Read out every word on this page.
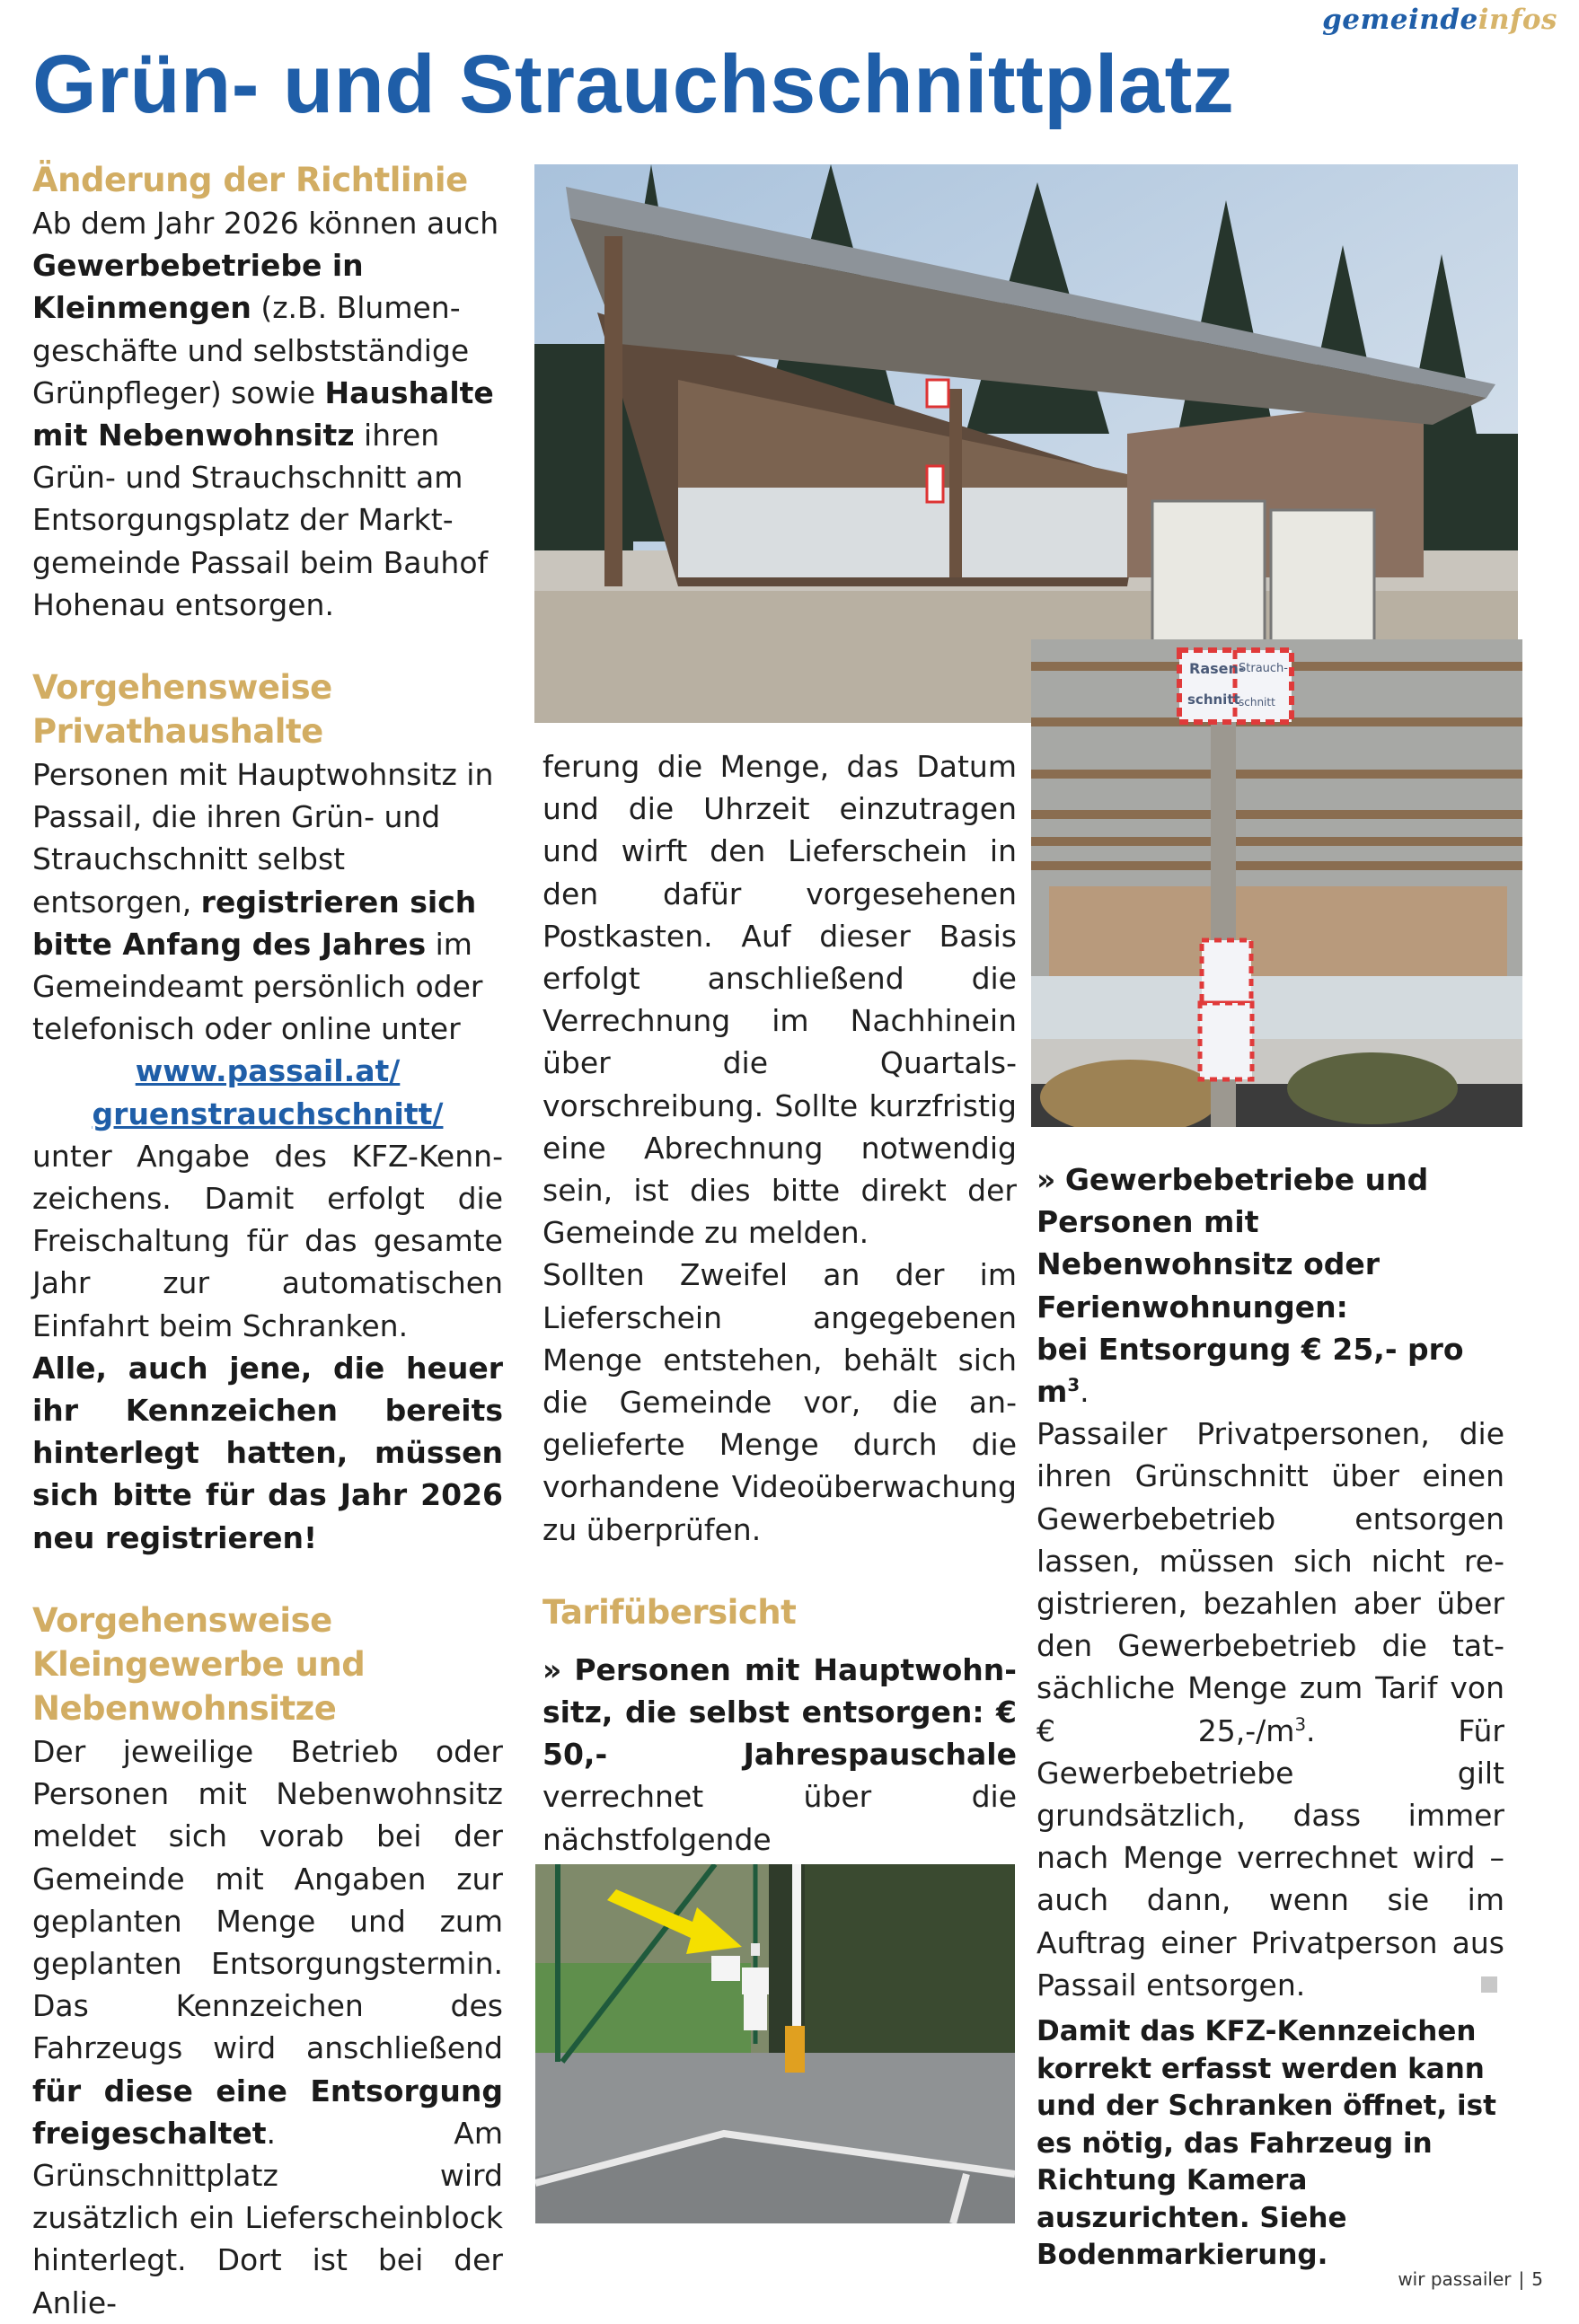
gemeindeinfos
Grün- und Strauchschnittplatz
Änderung der Richtlinie

Ab dem Jahr 2026 können auch Gewerbebetriebe in Kleinmengen (z.B. Blumengeschäfte und selbstständige Grünpfleger) sowie Haushalte mit Nebenwohnsitz ihren Grün- und Strauchschnitt am Entsorgungsplatz der Marktgemeinde Passail beim Bauhof Hohenau entsorgen.

Vorgehensweise
Privathaushalte

Personen mit Hauptwohnsitz in Passail, die ihren Grün- und Strauchschnitt selbst entsorgen, registrieren sich bitte Anfang des Jahres im Gemeindeamt persönlich oder telefonisch oder online unter

www.passail.at/
gruenstrauchschnitt/

unter Angabe des KFZ-Kennzeichens. Damit erfolgt die Freischaltung für das gesamte Jahr zur automatischen Einfahrt beim Schranken.

Alle, auch jene, die heuer ihr Kennzeichen bereits hinterlegt hatten, müssen sich bitte für das Jahr 2026 neu registrieren!

Vorgehensweise
Kleingewerbe und
Nebenwohnsitze

Der jeweilige Betrieb oder Personen mit Nebenwohnsitz meldet sich vorab bei der Gemeinde mit Angaben zur geplanten Menge und zum geplanten Entsorgungstermin. Das Kennzeichen des Fahrzeugs wird anschließend für diese eine Entsorgung freigeschaltet. Am Grünschnittplatz wird zusätzlich ein Lieferscheinblock hinterlegt. Dort ist bei der Anlie-

Rasen-
schnitt
Strauch-
schnitt

ferung die Menge, das Datum und die Uhrzeit einzutragen und wirft den Lieferschein in den dafür vorgesehenen Postkasten. Auf dieser Basis erfolgt anschließend die Verrechnung im Nachhinein über die Quartalsvorschreibung. Sollte kurzfristig eine Abrechnung notwendig sein, ist dies bitte direkt der Gemeinde zu melden.

Sollten Zweifel an der im Lieferschein angegebenen Menge entstehen, behält sich die Gemeinde vor, die angelieferte Menge durch die vorhandene Videoüberwachung zu überprüfen.

Tarifübersicht

» Personen mit Hauptwohnsitz, die selbst entsorgen: € 50,- Jahrespauschale verrechnet über die nächstfolgende

» Gewerbebetriebe und Personen mit Nebenwohnsitz oder Ferienwohnungen:
bei Entsorgung € 25,- pro $m^3$.

Passailer Privatpersonen, die ihren Grünschnitt über einen Gewerbebetrieb entsorgen lassen, müssen sich nicht registrieren, bezahlen aber über den Gewerbebetrieb die tatsächliche Menge zum Tarif von € $25,-/m^3$. Für Gewerbebetriebe gilt grundsätzlich, dass immer nach Menge verrechnet wird – auch dann, wenn sie im Auftrag einer Privatperson aus Passail entsorgen.

Damit das KFZ-Kennzeichen korrekt erfasst werden kann und der Schranken öffnet, ist es nötig, das Fahrzeug in Richtung Kamera auszurichten. Siehe Bodenmarkierung.
wir passailer | 5
